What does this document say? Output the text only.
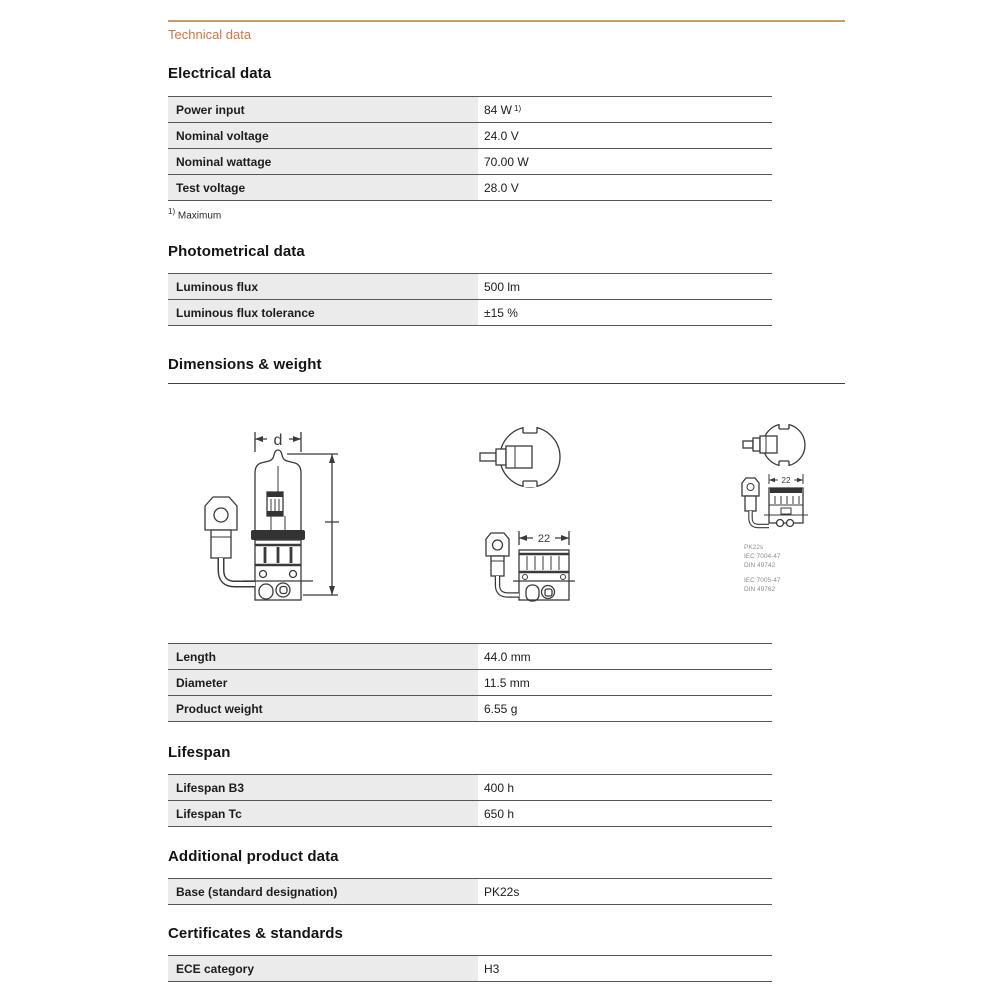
Technical data
Electrical data
Power input	84 W $^{1)}$
Nominal voltage	24.0 V
Nominal wattage	70.00 W
Test voltage	28.0 V
$^{1)}$ Maximum
Photometrical data
Luminous flux	500 lm
Luminous flux tolerance	±15 %
Dimensions & weight
d
22
22
PK22s
IEC 7004-47
DIN 49742
IEC 7005-47
DIN 49762
Length	44.0 mm
Diameter	11.5 mm
Product weight	6.55 g
Lifespan
Lifespan B3	400 h
Lifespan Tc	650 h
Additional product data
Base (standard designation)	PK22s
Certificates & standards
ECE category	H3
